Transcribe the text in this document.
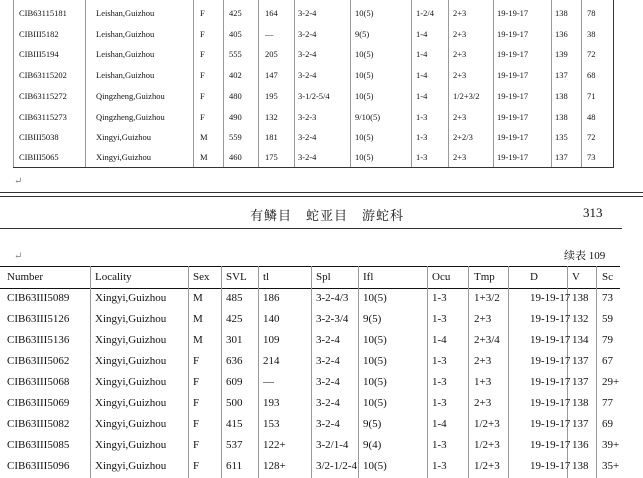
CIB63115181	Leishan,Guizhou	F	425	164 3-2-4	10(5)	1-2/4 2+3	19-19-17	138 78
CIBIII5182	Leishan,Guizhou	F	405	—	3-2-4	9(5)	1-4	2+3	19-19-17	136 38
CIBIII5194	Leishan,Guizhou	F	555	205 3-2-4	10(5)	1-4	2+3	19-19-17	139 72
CIB63115202	Leishan,Guizhou	F	402	147 3-2-4	10(5)	1-4	2+3	19-19-17	137 68
CIB63115272	Qingzheng,Guizhou	F	480	195 3-1/2-5/4	10(5)	1-4	1/2+3/2 19-19-17	138 71
CIB63115273	Qingzheng,Guizhou	F	490	132 3-2-3	9/10(5)	1-3	2+3	19-19-17	138 48
CIBIII5038	Xingyi,Guizhou	M	559	181 3-2-4	10(5)	1-3	2+2/3	19-19-17	135 72
CIBIII5065	Xingyi,Guizhou	M	460	175 3-2-4	10(5)	1-3	2+3	19-19-17	137 73
↵
有鳞目　蛇亚目　游蛇科	313
↵	续表 109
Number	Locality	Sex SVL tl	Spl	Ifl	Ocu Tmp	D	V Sc
CIB63III5089 Xingyi,Guizhou M 485 186	3-2-4/3 10(5)	1-3 1+3/2	19-19-17 138 73
CIB63III5126 Xingyi,Guizhou M 425 140	3-2-3/4 9(5)	1-3 2+3	19-19-17 132 59
CIB63III5136 Xingyi,Guizhou M 301 109	3-2-4 10(5)	1-4 2+3/4	19-19-17 134 79
CIB63III5062 Xingyi,Guizhou F 636 214	3-2-4 10(5)	1-3 2+3	19-19-17 137 67
CIB63III5068 Xingyi,Guizhou F 609 —	3-2-4 10(5)	1-3 1+3	19-19-17 137 29+
CIB63III5069 Xingyi,Guizhou F 500 193	3-2-4 10(5)	1-3 2+3	19-19-17 138 77
CIB63III5082 Xingyi,Guizhou F 415 153	3-2-4 9(5)	1-4 1/2+3	19-19-17 137 69
CIB63III5085 Xingyi,Guizhou F 537 122+	3-2/1-4 9(4)	1-3 1/2+3	19-19-17 136 39+
CIB63III5096 Xingyi,Guizhou F 611 128+	3/2-1/2-4 10(5)	1-3 1/2+3	19-19-17 138 35+
